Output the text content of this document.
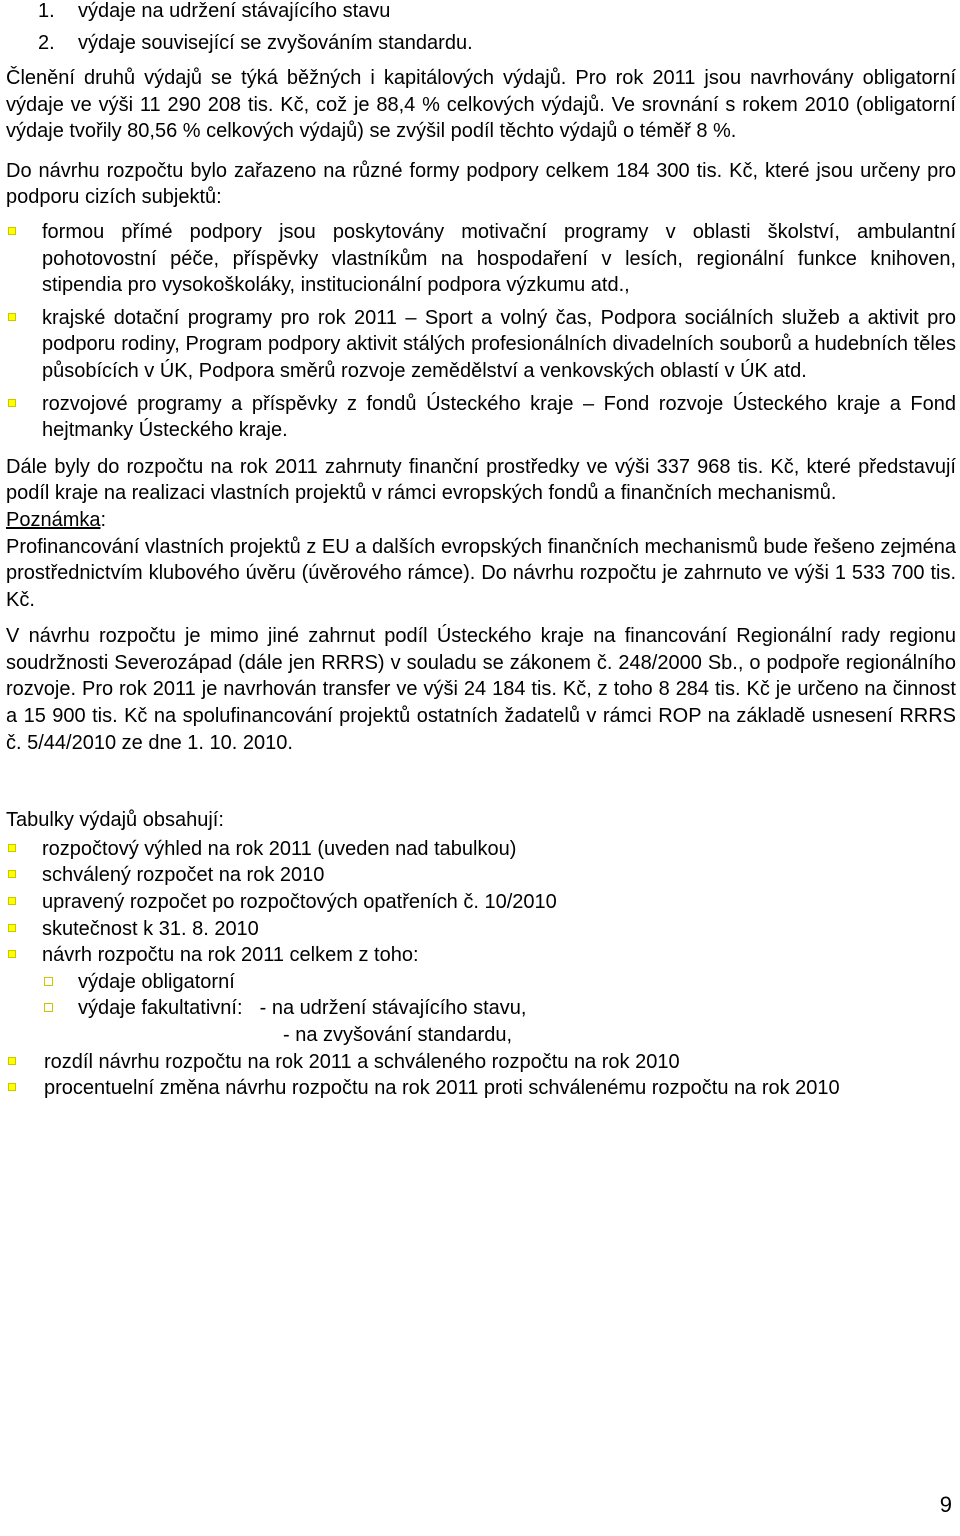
1. výdaje na udržení stávajícího stavu
2. výdaje související se zvyšováním standardu.

Členění druhů výdajů se týká běžných i kapitálových výdajů. Pro rok 2011 jsou navrhovány obligatorní výdaje ve výši 11 290 208 tis. Kč, což je 88,4 % celkových výdajů. Ve srovnání s rokem 2010 (obligatorní výdaje tvořily 80,56 % celkových výdajů) se zvýšil podíl těchto výdajů o téměř 8 %.

Do návrhu rozpočtu bylo zařazeno na různé formy podpory celkem 184 300 tis. Kč, které jsou určeny pro podporu cizích subjektů:

formou přímé podpory jsou poskytovány motivační programy v oblasti školství, ambulantní pohotovostní péče, příspěvky vlastníkům na hospodaření v lesích, regionální funkce knihoven, stipendia pro vysokoškoláky, institucionální podpora výzkumu atd.,
krajské dotační programy pro rok 2011 – Sport a volný čas, Podpora sociálních služeb a aktivit pro podporu rodiny, Program podpory aktivit stálých profesionálních divadelních souborů a hudebních těles působících v ÚK, Podpora směrů rozvoje zemědělství a venkovských oblastí v ÚK atd.
rozvojové programy a příspěvky z fondů Ústeckého kraje – Fond rozvoje Ústeckého kraje a Fond hejtmanky Ústeckého kraje.

Dále byly do rozpočtu na rok 2011 zahrnuty finanční prostředky ve výši 337 968 tis. Kč, které představují podíl kraje na realizaci vlastních projektů v rámci evropských fondů a finančních mechanismů.

Poznámka:

Profinancování vlastních projektů z EU a dalších evropských finančních mechanismů bude řešeno zejména prostřednictvím klubového úvěru (úvěrového rámce). Do návrhu rozpočtu je zahrnuto ve výši 1 533 700 tis. Kč.

V návrhu rozpočtu je mimo jiné zahrnut podíl Ústeckého kraje na financování Regionální rady regionu soudržnosti Severozápad (dále jen RRRS) v souladu se zákonem č. 248/2000 Sb., o podpoře regionálního rozvoje. Pro rok 2011 je navrhován transfer ve výši 24 184 tis. Kč, z toho 8 284 tis. Kč je určeno na činnost a 15 900 tis. Kč na spolufinancování projektů ostatních žadatelů v rámci ROP na základě usnesení RRRS č. 5/44/2010 ze dne 1. 10. 2010.

Tabulky výdajů obsahují:

rozpočtový výhled na rok 2011 (uveden nad tabulkou)
schválený rozpočet na rok 2010
upravený rozpočet po rozpočtových opatřeních č. 10/2010
skutečnost k 31. 8. 2010
návrh rozpočtu na rok 2011 celkem z toho:
výdaje obligatorní
výdaje fakultativní: - na udržení stávajícího stavu,
- na zvyšování standardu,
rozdíl návrhu rozpočtu na rok 2011 a schváleného rozpočtu na rok 2010
procentuelní změna návrhu rozpočtu na rok 2011 proti schválenému rozpočtu na rok 2010
9
